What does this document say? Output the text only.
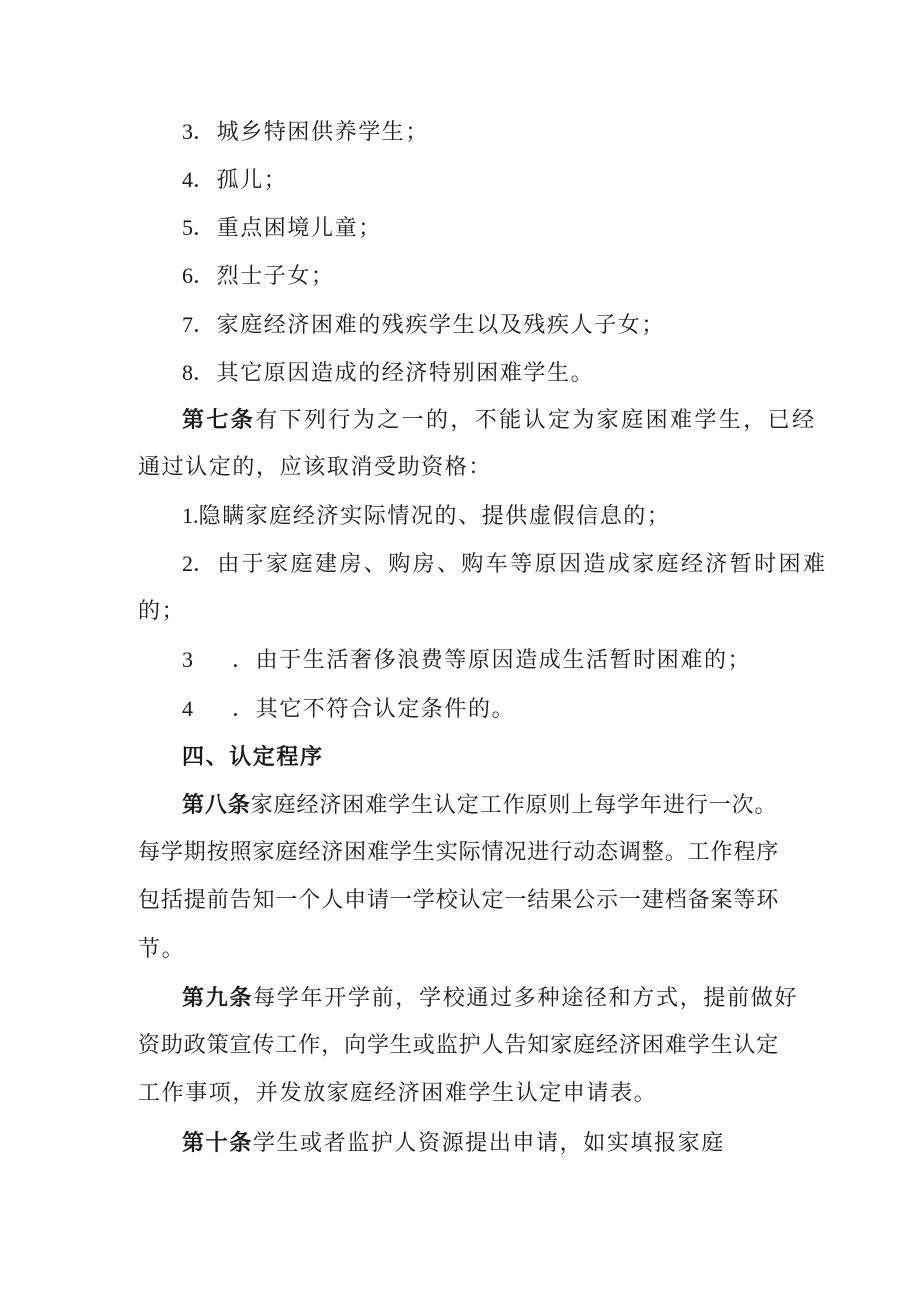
3．城乡特困供养学生；
4．孤儿；
5．重点困境儿童；
6．烈士子女；
7．家庭经济困难的残疾学生以及残疾人子女；
8．其它原因造成的经济特别困难学生。
第七条有下列行为之一的，不能认定为家庭困难学生，已经
通过认定的，应该取消受助资格：
1.隐瞒家庭经济实际情况的、提供虚假信息的；
2．由于家庭建房、购房、购车等原因造成家庭经济暂时困难
的；
3 ．由于生活奢侈浪费等原因造成生活暂时困难的；
4 ．其它不符合认定条件的。
四、认定程序
第八条家庭经济困难学生认定工作原则上每学年进行一次。
每学期按照家庭经济困难学生实际情况进行动态调整。工作程序
包括提前告知一个人申请一学校认定一结果公示一建档备案等环
节。
第九条每学年开学前，学校通过多种途径和方式，提前做好
资助政策宣传工作，向学生或监护人告知家庭经济困难学生认定
工作事项，并发放家庭经济困难学生认定申请表。
第十条学生或者监护人资源提出申请，如实填报家庭
